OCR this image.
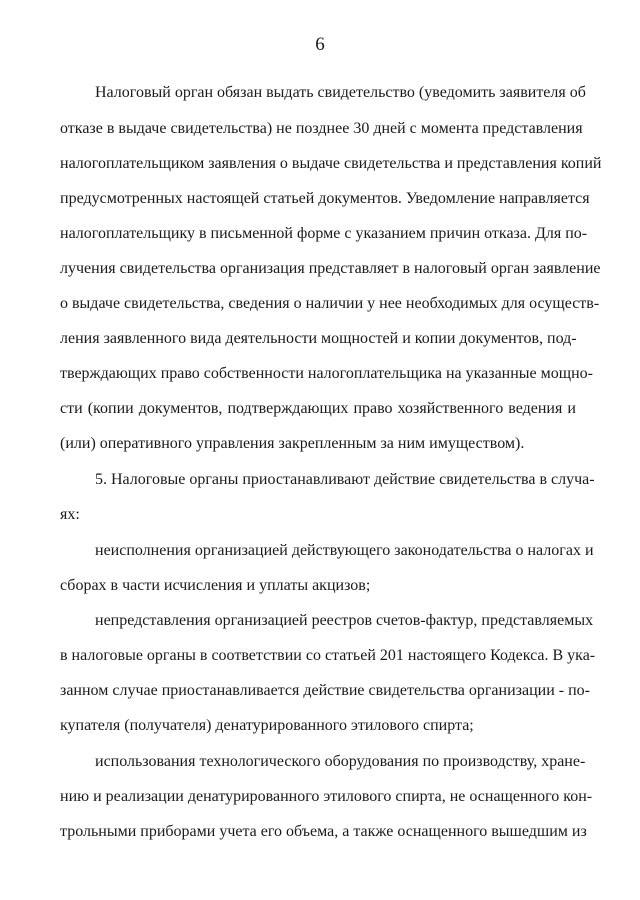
6
Налоговый орган обязан выдать свидетельство (уведомить заявителя об
отказе в выдаче свидетельства) не позднее 30 дней с момента представления
налогоплательщиком заявления о выдаче свидетельства и представления копий
предусмотренных настоящей статьей документов. Уведомление направляется
налогоплательщику в письменной форме с указанием причин отказа. Для по-
лучения свидетельства организация представляет в налоговый орган заявление
о выдаче свидетельства, сведения о наличии у нее необходимых для осуществ-
ления заявленного вида деятельности мощностей и копии документов, под-
тверждающих право собственности налогоплательщика на указанные мощно-
сти (копии документов, подтверждающих право хозяйственного ведения и
(или) оперативного управления закрепленным за ним имуществом).
5. Налоговые органы приостанавливают действие свидетельства в случа-
ях:
неисполнения организацией действующего законодательства о налогах и
сборах в части исчисления и уплаты акцизов;
непредставления организацией реестров счетов-фактур, представляемых
в налоговые органы в соответствии со статьей 201 настоящего Кодекса. В ука-
занном случае приостанавливается действие свидетельства организации - по-
купателя (получателя) денатурированного этилового спирта;
использования технологического оборудования по производству, хране-
нию и реализации денатурированного этилового спирта, не оснащенного кон-
трольными приборами учета его объема, а также оснащенного вышедшим из
